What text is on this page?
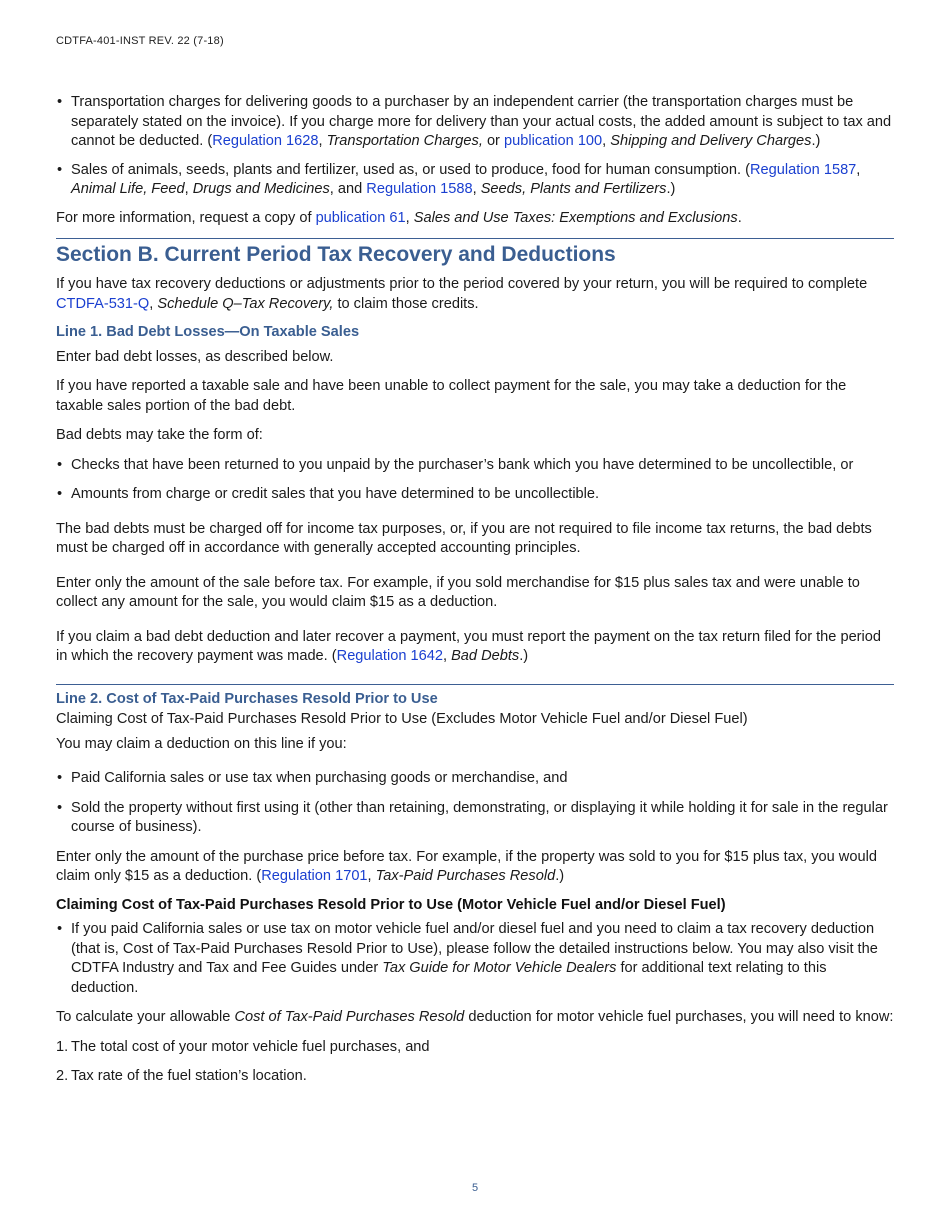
CDTFA-401-INST REV. 22 (7-18)

• Transportation charges for delivering goods to a purchaser by an independent carrier (the transportation charges must be separately stated on the invoice). If you charge more for delivery than your actual costs, the added amount is subject to tax and cannot be deducted. (Regulation 1628, Transportation Charges, or publication 100, Shipping and Delivery Charges.)

• Sales of animals, seeds, plants and fertilizer, used as, or used to produce, food for human consumption. (Regulation 1587, Animal Life, Feed, Drugs and Medicines, and Regulation 1588, Seeds, Plants and Fertilizers.)

For more information, request a copy of publication 61, Sales and Use Taxes: Exemptions and Exclusions.

Section B. Current Period Tax Recovery and Deductions

If you have tax recovery deductions or adjustments prior to the period covered by your return, you will be required to complete CTDFA-531-Q, Schedule Q–Tax Recovery, to claim those credits.

Line 1. Bad Debt Losses—On Taxable Sales

Enter bad debt losses, as described below.

If you have reported a taxable sale and have been unable to collect payment for the sale, you may take a deduction for the taxable sales portion of the bad debt.

Bad debts may take the form of:

• Checks that have been returned to you unpaid by the purchaser’s bank which you have determined to be uncollectible, or

• Amounts from charge or credit sales that you have determined to be uncollectible.

The bad debts must be charged off for income tax purposes, or, if you are not required to file income tax returns, the bad debts must be charged off in accordance with generally accepted accounting principles.

Enter only the amount of the sale before tax. For example, if you sold merchandise for $15 plus sales tax and were unable to collect any amount for the sale, you would claim $15 as a deduction.

If you claim a bad debt deduction and later recover a payment, you must report the payment on the tax return filed for the period in which the recovery payment was made. (Regulation 1642, Bad Debts.)

Line 2. Cost of Tax-Paid Purchases Resold Prior to Use

Claiming Cost of Tax-Paid Purchases Resold Prior to Use (Excludes Motor Vehicle Fuel and/or Diesel Fuel)

You may claim a deduction on this line if you:

• Paid California sales or use tax when purchasing goods or merchandise, and

• Sold the property without first using it (other than retaining, demonstrating, or displaying it while holding it for sale in the regular course of business).

Enter only the amount of the purchase price before tax. For example, if the property was sold to you for $15 plus tax, you would claim only $15 as a deduction. (Regulation 1701, Tax-Paid Purchases Resold.)

Claiming Cost of Tax-Paid Purchases Resold Prior to Use (Motor Vehicle Fuel and/or Diesel Fuel)

• If you paid California sales or use tax on motor vehicle fuel and/or diesel fuel and you need to claim a tax recovery deduction (that is, Cost of Tax-Paid Purchases Resold Prior to Use), please follow the detailed instructions below. You may also visit the CDTFA Industry and Tax and Fee Guides under Tax Guide for Motor Vehicle Dealers for additional text relating to this deduction.

To calculate your allowable Cost of Tax-Paid Purchases Resold deduction for motor vehicle fuel purchases, you will need to know:

1. The total cost of your motor vehicle fuel purchases, and

2. Tax rate of the fuel station’s location.

5
